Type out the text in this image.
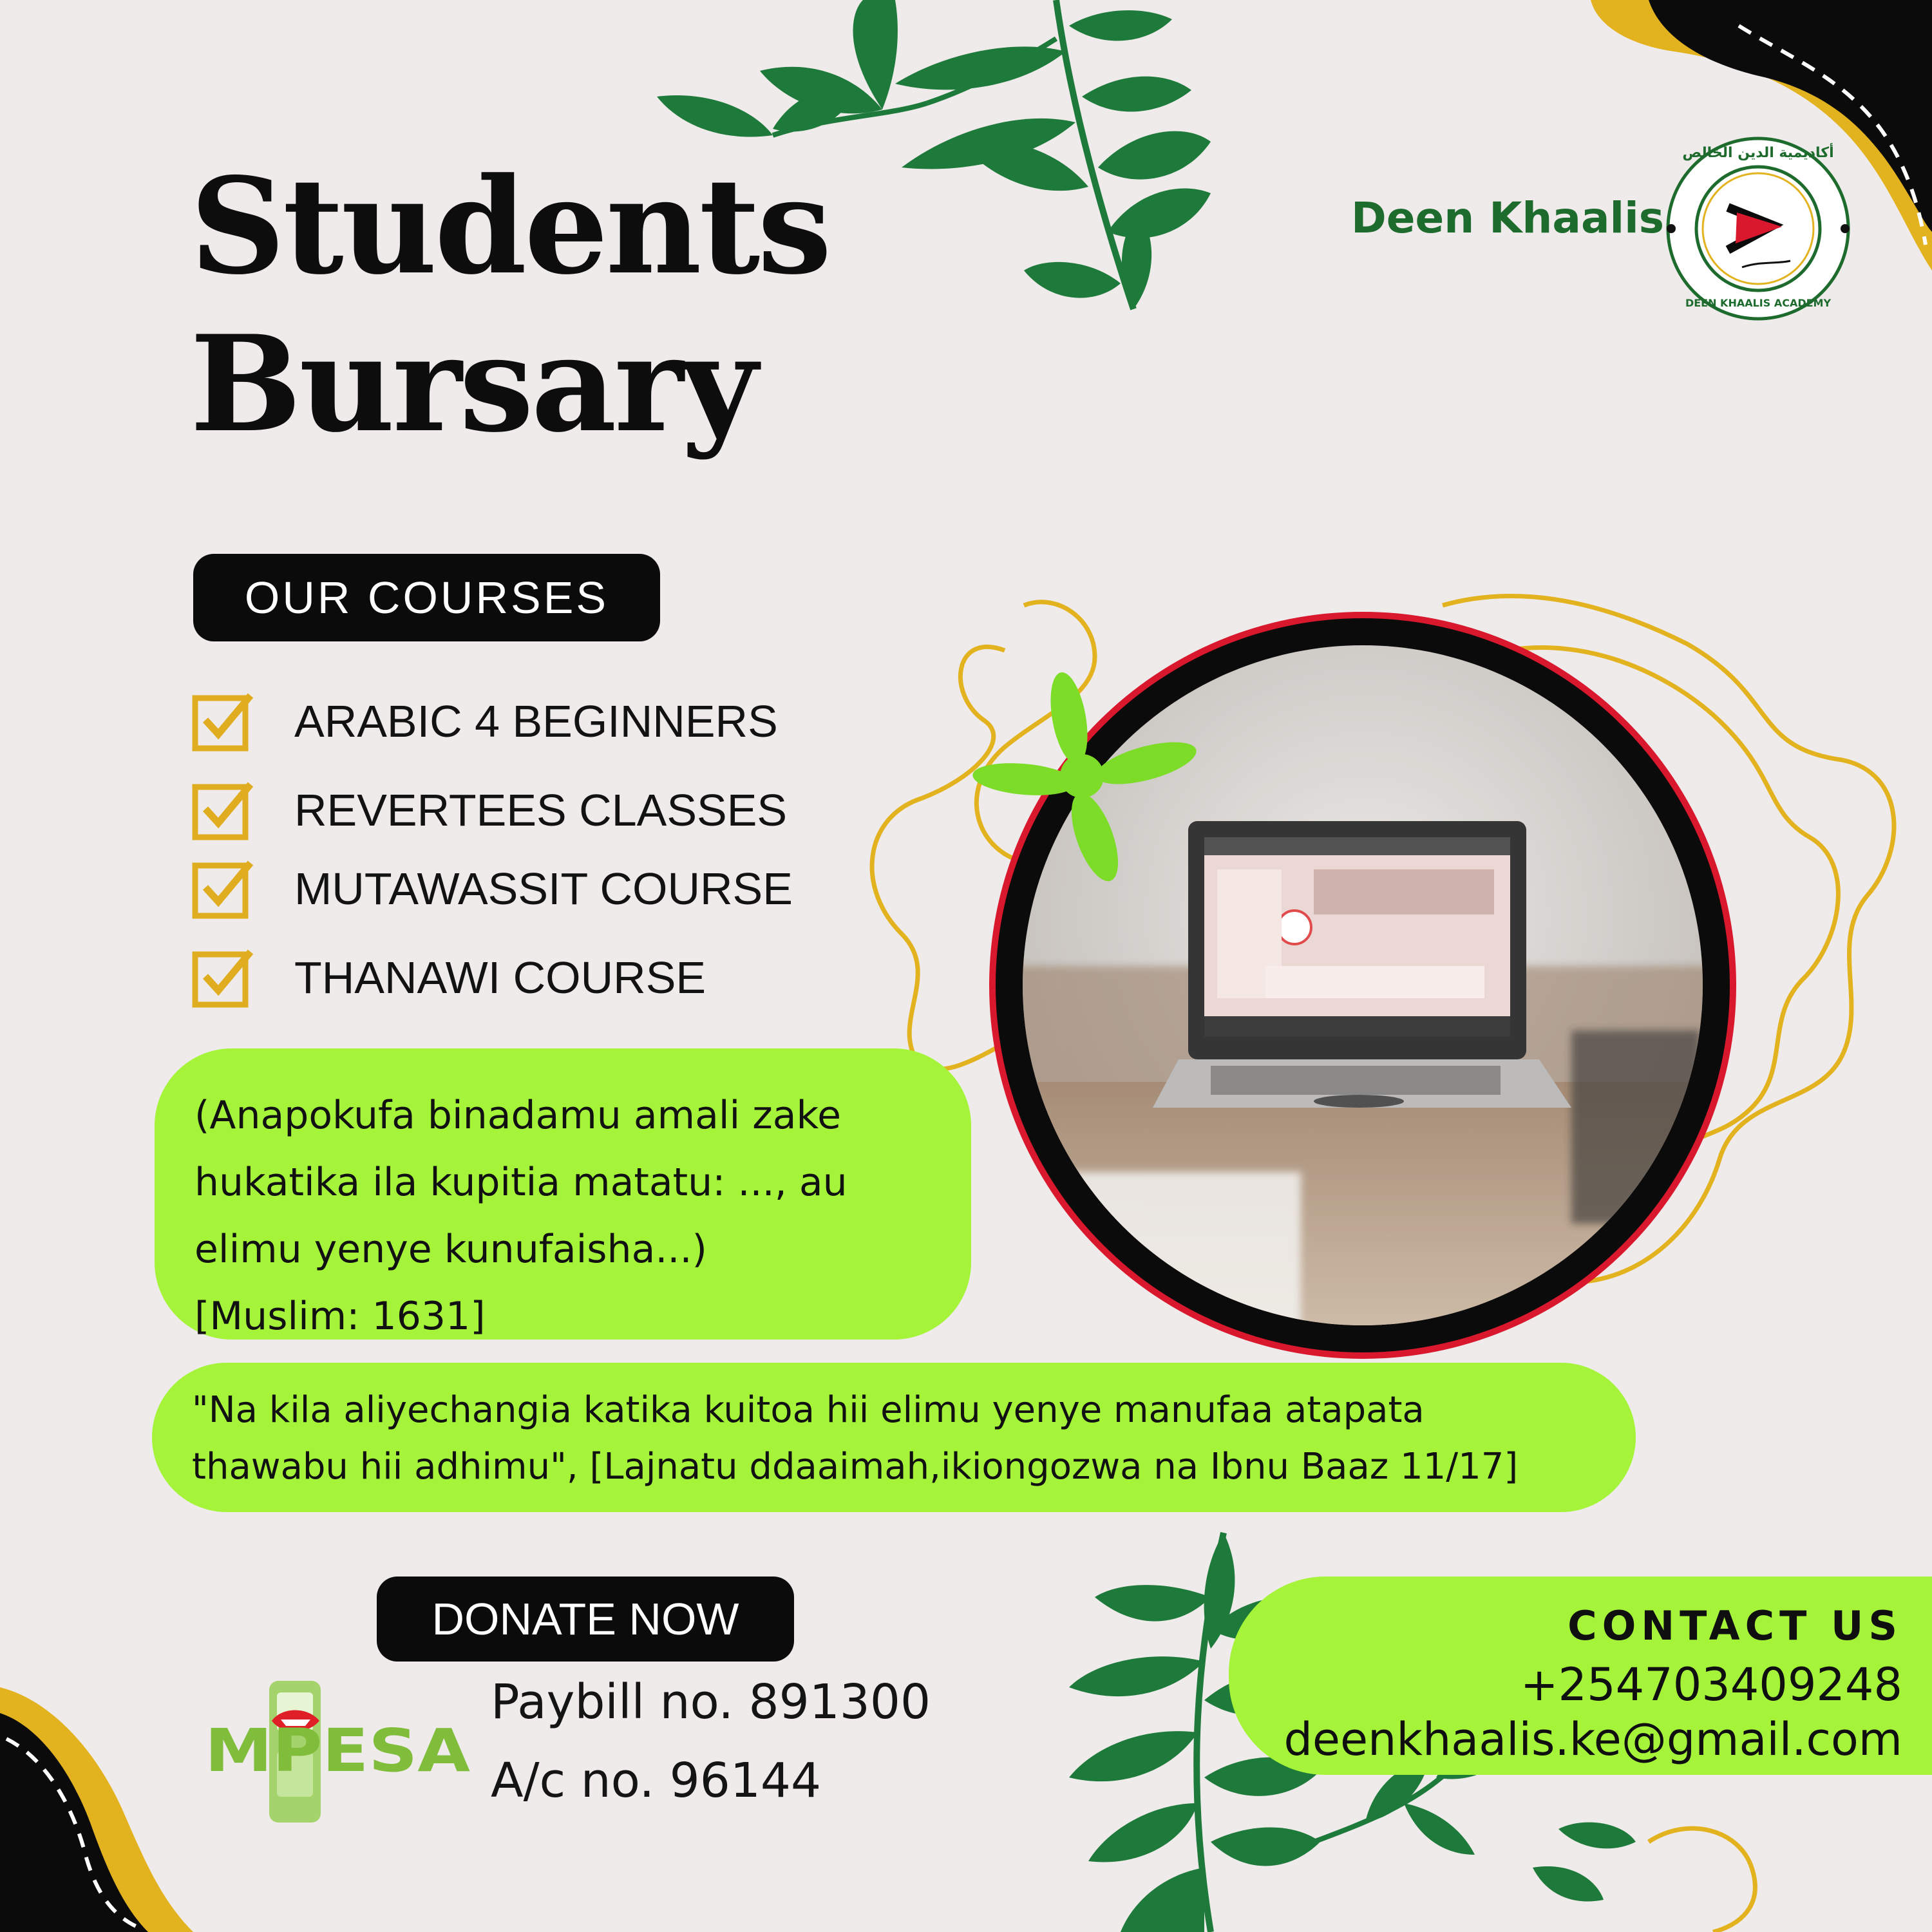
Students
Bursary
Deen Khaalis
أكاديمية الدين الخالص
DEEN KHAALIS ACADEMY
OUR COURSES
ARABIC 4 BEGINNERS
REVERTEES CLASSES
MUTAWASSIT COURSE
THANAWI COURSE

(Anapokufa binadamu amali zake

hukatika ila kupitia matatu: ..., au

elimu yenye kunufaisha...)

[Muslim: 1631]

"Na kila aliyechangia katika kuitoa hii elimu yenye manufaa atapata

thawabu hii adhimu", [Lajnatu ddaaimah,ikiongozwa na Ibnu Baaz 11/17]

DONATE NOW
MPESA
Paybill no. 891300
A/c no. 96144
CONTACT US
+254703409248
deenkhaalis.ke@gmail.com
